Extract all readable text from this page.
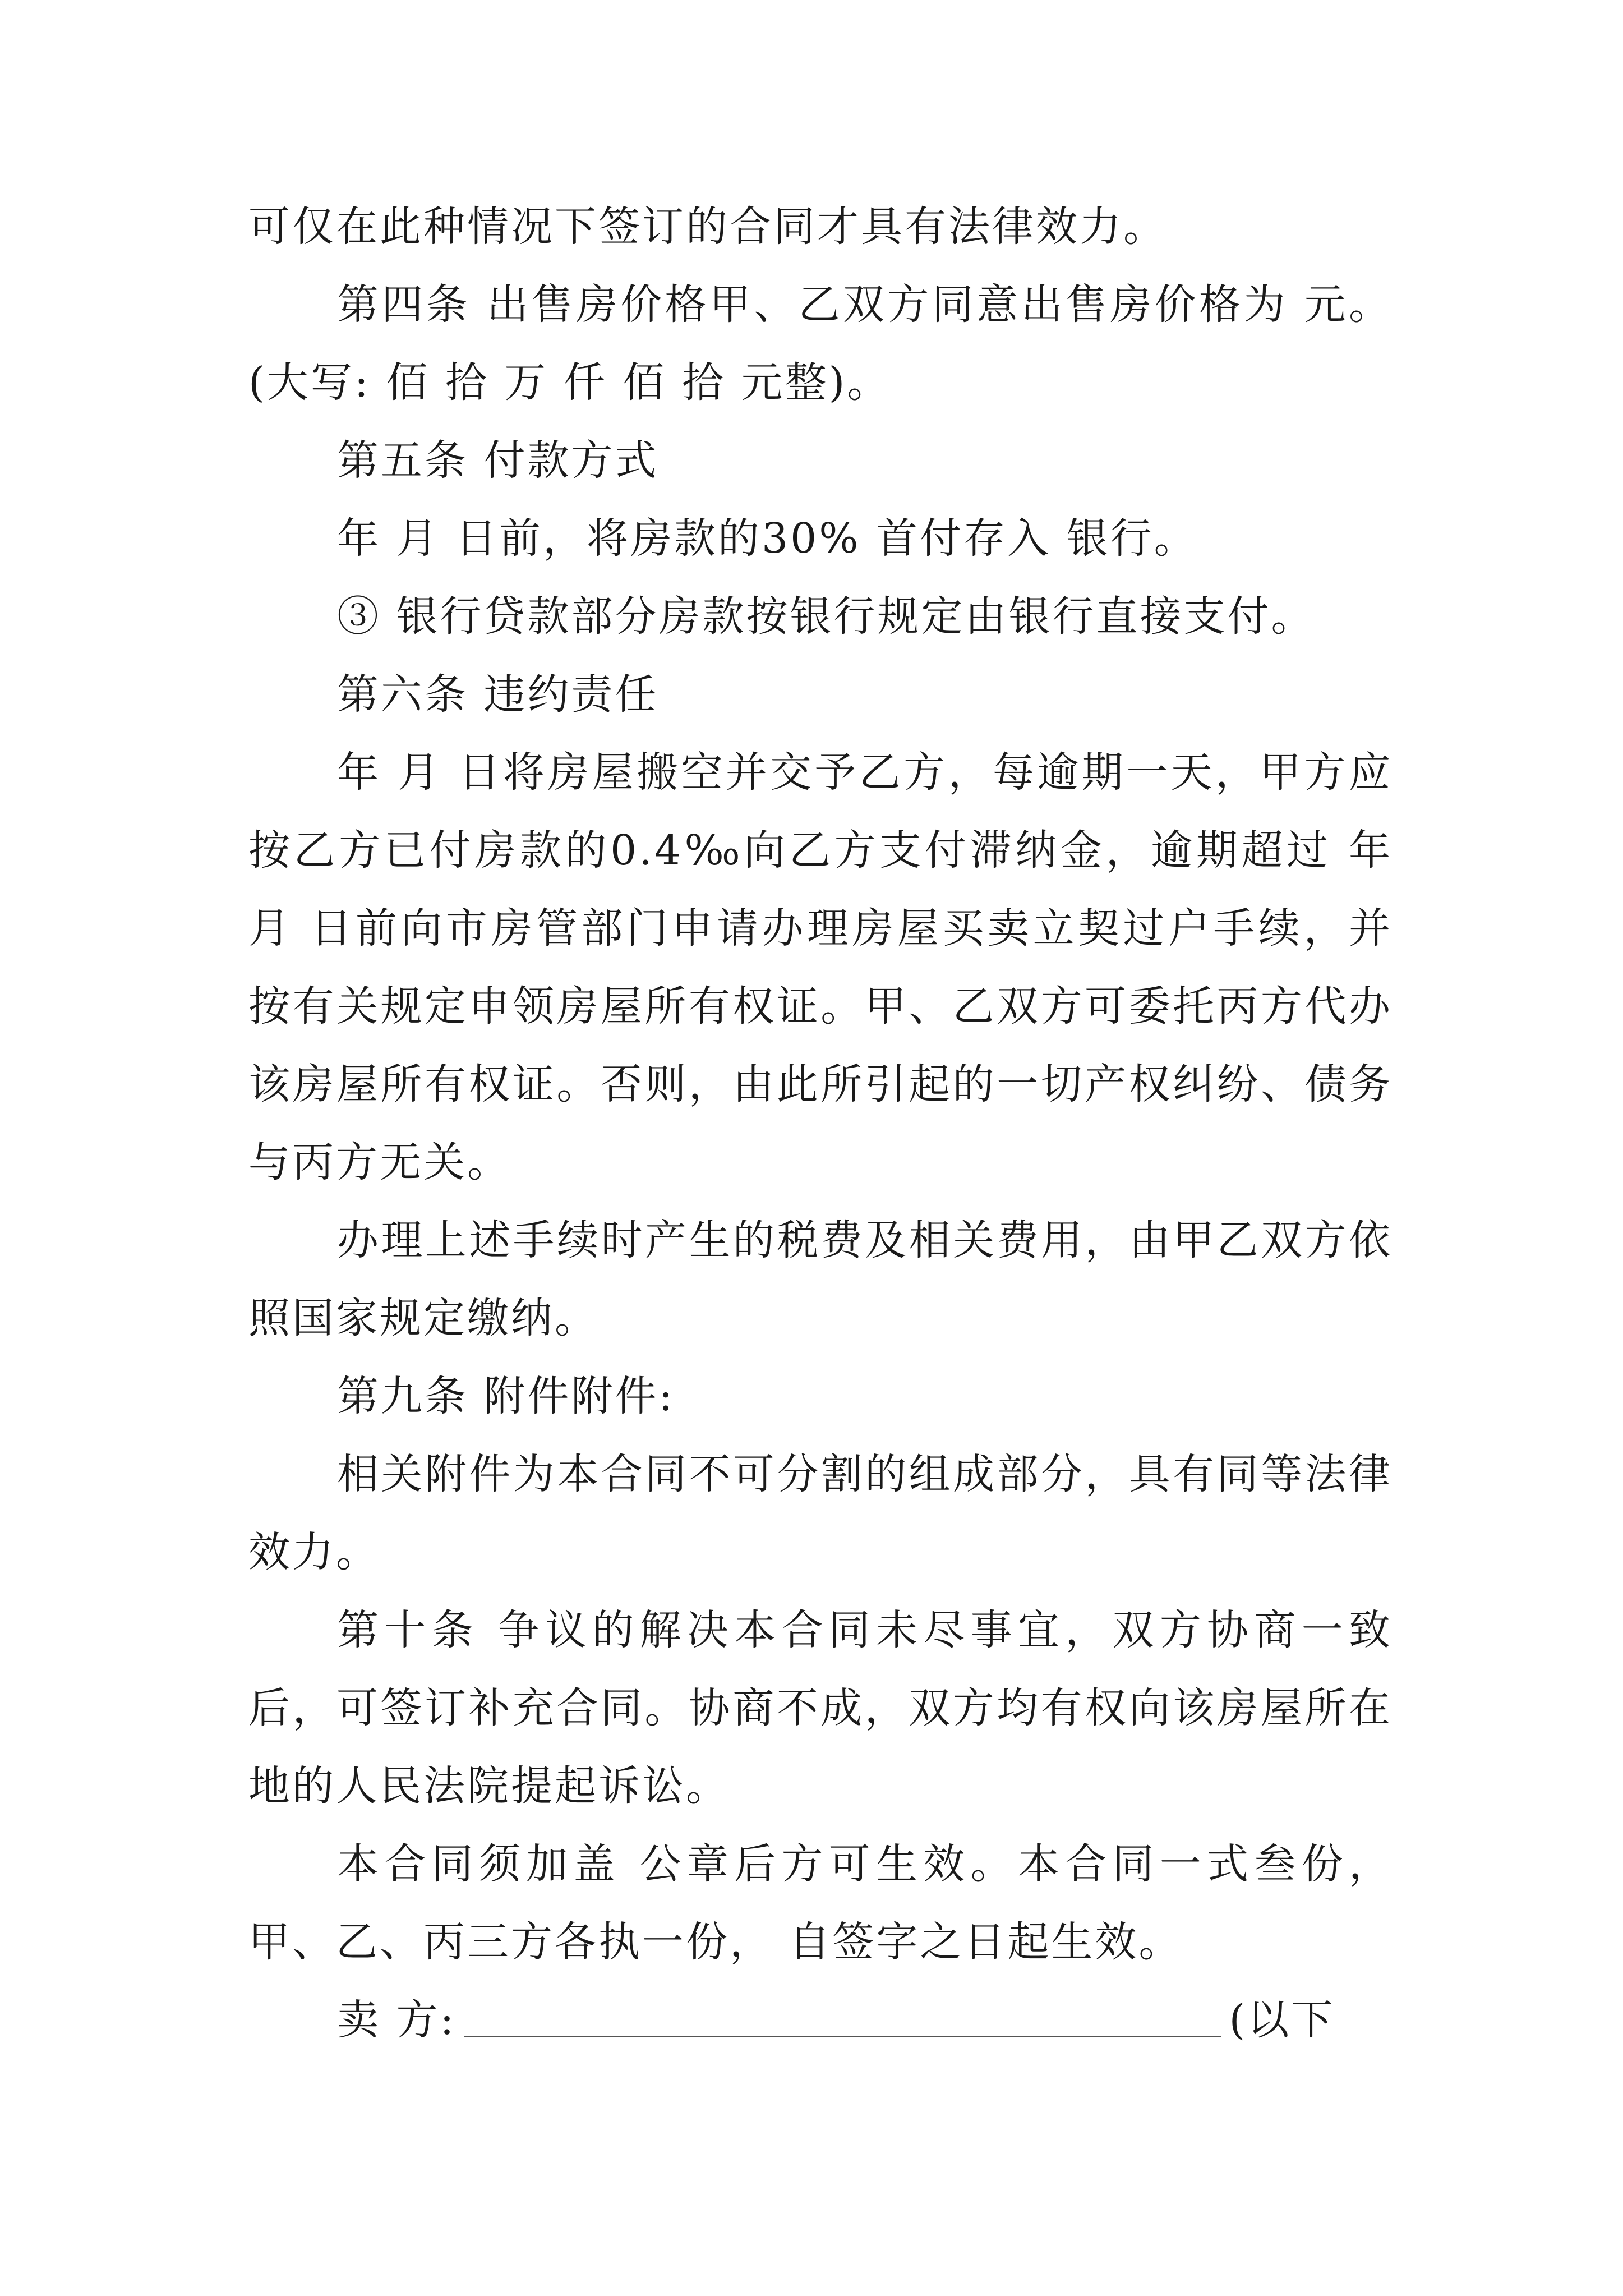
可仅在此种情况下签订的合同才具有法律效力。

第四条 出售房价格甲、乙双方同意出售房价格为 元。(大写: 佰 拾 万 仟 佰 拾 元整)。

第五条 付款方式

年 月 日前，将房款的30% 首付存入 银行。

③ 银行贷款部分房款按银行规定由银行直接支付。

第六条 违约责任

年 月 日将房屋搬空并交予乙方，每逾期一天，甲方应按乙方已付房款的0.4‰向乙方支付滞纳金，逾期超过 年月 日前向市房管部门申请办理房屋买卖立契过户手续，并按有关规定申领房屋所有权证。甲、乙双方可委托丙方代办该房屋所有权证。否则，由此所引起的一切产权纠纷、债务与丙方无关。

办理上述手续时产生的税费及相关费用，由甲乙双方依照国家规定缴纳。

第九条 附件附件:

相关附件为本合同不可分割的组成部分，具有同等法律效力。

第十条 争议的解决本合同未尽事宜，双方协商一致后，可签订补充合同。协商不成，双方均有权向该房屋所在地的人民法院提起诉讼。

本合同须加盖 公章后方可生效。本合同一式叁份，甲、乙、丙三方各执一份， 自签字之日起生效。

卖 方:	(以下
